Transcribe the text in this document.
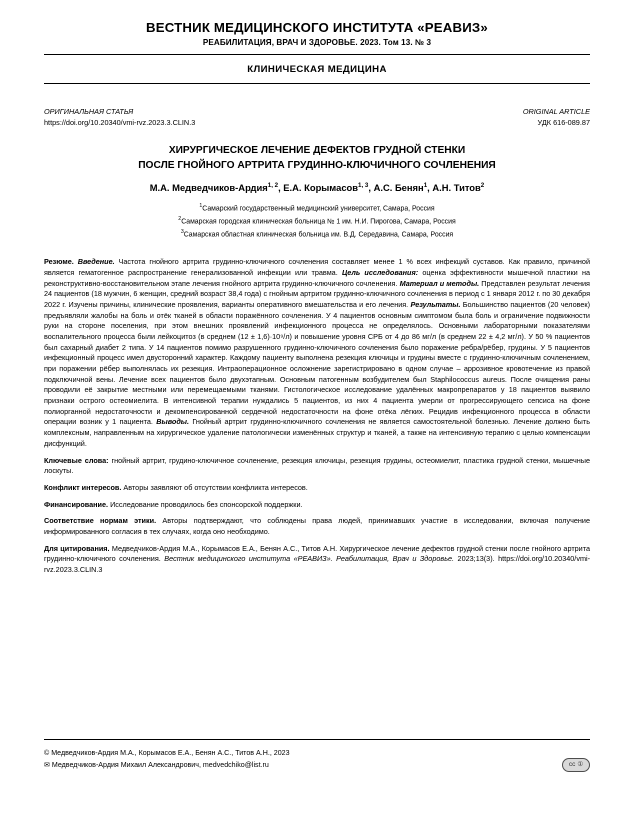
ВЕСТНИК МЕДИЦИНСКОГО ИНСТИТУТА «РЕАВИЗ»
РЕАБИЛИТАЦИЯ, ВРАЧ И ЗДОРОВЬЕ. 2023. Том 13. № 3
КЛИНИЧЕСКАЯ МЕДИЦИНА
ОРИГИНАЛЬНАЯ СТАТЬЯ
https://doi.org/10.20340/vmi-rvz.2023.3.CLIN.3
ORIGINAL ARTICLE
УДК 616-089.87
ХИРУРГИЧЕСКОЕ ЛЕЧЕНИЕ ДЕФЕКТОВ ГРУДНОЙ СТЕНКИ
ПОСЛЕ ГНОЙНОГО АРТРИТА ГРУДИННО-КЛЮЧИЧНОГО СОЧЛЕНЕНИЯ
М.А. Медведчиков-Ардия$^{1, 2}$, Е.А. Корымасов$^{1, 3}$, А.С. Бенян$^1$, А.Н. Титов$^2$
$^1$Самарский государственный медицинский университет, Самара, Россия
$^2$Самарская городская клиническая больница № 1 им. Н.И. Пирогова, Самара, Россия
$^3$Самарская областная клиническая больница им. В.Д. Середавина, Самара, Россия

Резюме. Введение. Частота гнойного артрита грудинно-ключичного сочленения составляет менее 1 % всех инфекций суставов. Как правило, причиной является гематогенное распространение генерализованной инфекции или травма. Цель исследования: оценка эффективности мышечной пластики на реконструктивно-восстановительном этапе лечения гнойного артрита грудинно-ключичного сочленения. Материал и методы. Представлен результат лечения 24 пациентов (18 мужчин, 6 женщин, средний возраст 38,4 года) с гнойным артритом грудинно-ключичного сочленения в период с 1 января 2012 г. по 30 декабря 2022 г. Изучены причины, клинические проявления, варианты оперативного вмешательства и его лечения. Результаты. Большинство пациентов (20 человек) предъявляли жалобы на боль и отёк тканей в области поражённого сочленения. У 4 пациентов основным симптомом была боль и ограничение подвижности руки на стороне поселения, при этом внешних проявлений инфекционного процесса не определялось. Основными лабораторными показателями воспалительного процесса были лейкоцитоз (в среднем (12 ± 1,6)·10⁹/л) и повышение уровня СРБ от 4 до 86 мг/л (в среднем 22 ± 4,2 мг/л). У 50 % пациентов был сахарный диабет 2 типа. У 14 пациентов помимо разрушенного грудинно-ключичного сочленения было поражение ребра/рёбер, грудины. У 5 пациентов инфекционный процесс имел двусторонний характер. Каждому пациенту выполнена резекция ключицы и грудины вместе с грудинно-ключичным сочленением, при поражении рёбер выполнялась их резекция. Интраоперационное осложнение зарегистрировано в одном случае – аррозивное кровотечение из правой подключичной вены. Лечение всех пациентов было двухэтапным. Основным патогенным возбудителем был Staphilococcus aureus. После очищения раны проводили её закрытие местными или перемещаемыми тканями. Гистологическое исследование удалённых макропрепаратов у 18 пациентов выявило признаки острого остеомиелита. В интенсивной терапии нуждались 5 пациентов, из них 4 пациента умерли от прогрессирующего сепсиса на фоне полиорганной недостаточности и декомпенсированной сердечной недостаточности на фоне отёка лёгких. Рецидив инфекционного процесса в области операции возник у 1 пациента. Выводы. Гнойный артрит грудинно-ключичного сочленения не является самостоятельной болезнью. Лечение должно быть комплексным, направленным на хирургическое удаление патологически изменённых структур и тканей, а также на интенсивную терапию с целью компенсации дисфункций.

Ключевые слова: гнойный артрит, грудино-ключичное сочленение, резекция ключицы, резекция грудины, остеомиелит, пластика грудной стенки, мышечные лоскуты.

Конфликт интересов. Авторы заявляют об отсутствии конфликта интересов.

Финансирование. Исследование проводилось без спонсорской поддержки.

Соответствие нормам этики. Авторы подтверждают, что соблюдены права людей, принимавших участие в исследовании, включая получение информированного согласия в тех случаях, когда оно необходимо.

Для цитирования. Медведчиков-Ардия М.А., Корымасов Е.А., Бенян А.С., Титов А.Н. Хирургическое лечение дефектов грудной стенки после гнойного артрита грудинно-ключичного сочленения. Вестник медицинского института «РЕАВИЗ». Реабилитация, Врач и Здоровье. 2023;13(3). https://doi.org/10.20340/vmi-rvz.2023.3.CLIN.3

© Медведчиков-Ардия М.А., Корымасов Е.А., Бенян А.С., Титов А.Н., 2023
✉ Медведчиков-Ардия Михаил Александрович, medvedchiko@list.ru	cc ①
